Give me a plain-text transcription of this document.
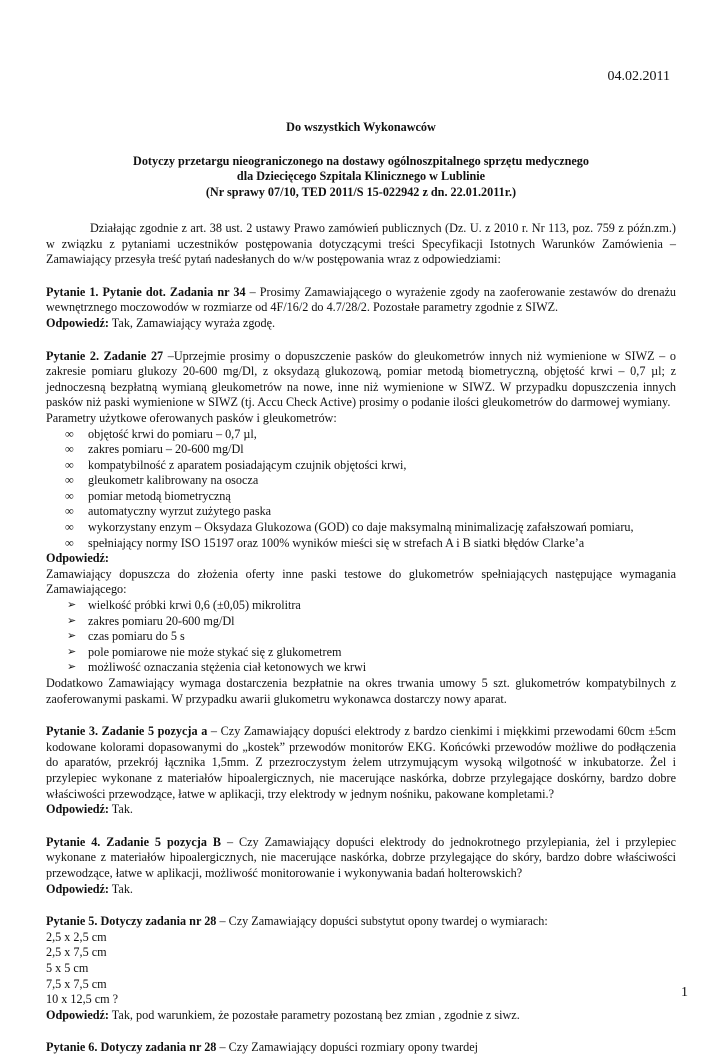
04.02.2011
Do wszystkich Wykonawców
Dotyczy przetargu nieograniczonego na dostawy ogólnoszpitalnego sprzętu medycznego
dla Dziecięcego Szpitala Klinicznego w Lublinie
(Nr sprawy 07/10, TED 2011/S 15-022942 z dn. 22.01.2011r.)

Działając zgodnie z art. 38 ust. 2 ustawy Prawo zamówień publicznych (Dz. U. z 2010 r. Nr 113, poz. 759 z późn.zm.) w związku z pytaniami uczestników postępowania dotyczącymi treści Specyfikacji Istotnych Warunków Zamówienia – Zamawiający przesyła treść pytań nadesłanych do w/w postępowania wraz z odpowiedziami:

Pytanie 1. Pytanie dot. Zadania nr 34 – Prosimy Zamawiającego o wyrażenie zgody na zaoferowanie zestawów do drenażu wewnętrznego moczowodów w rozmiarze od 4F/16/2 do 4.7/28/2. Pozostałe parametry zgodnie z SIWZ.

Odpowiedź: Tak, Zamawiający wyraża zgodę.

Pytanie 2. Zadanie 27 –Uprzejmie prosimy o dopuszczenie pasków do gleukometrów innych niż wymienione w SIWZ – o zakresie pomiaru glukozy 20-600 mg/Dl, z oksydazą glukozową, pomiar metodą biometryczną, objętość krwi – 0,7 µl; z jednoczesną bezpłatną wymianą gleukometrów na nowe, inne niż wymienione w SIWZ. W przypadku dopuszczenia innych pasków niż paski wymienione w SIWZ (tj. Accu Check Active) prosimy o podanie ilości gleukometrów do darmowej wymiany.

Parametry użytkowe oferowanych pasków i gleukometrów:

∞ objętość krwi do pomiaru – 0,7 µl,
∞ zakres pomiaru – 20-600 mg/Dl
∞ kompatybilność z aparatem posiadającym czujnik objętości krwi,
∞ gleukometr kalibrowany na osocza
∞ pomiar metodą biometryczną
∞ automatyczny wyrzut zużytego paska
∞ wykorzystany enzym – Oksydaza Glukozowa (GOD) co daje maksymalną minimalizację zafałszowań pomiaru,
∞ spełniający normy ISO 15197 oraz 100% wyników mieści się w strefach A i B siatki błędów Clarke’a

Odpowiedź:

Zamawiający dopuszcza do złożenia oferty inne paski testowe do glukometrów spełniających następujące wymagania Zamawiającego:

➢ wielkość próbki krwi 0,6 (±0,05) mikrolitra
➢ zakres pomiaru 20-600 mg/Dl
➢ czas pomiaru do 5 s
➢ pole pomiarowe nie może stykać się z glukometrem
➢ możliwość oznaczania stężenia ciał ketonowych we krwi

Dodatkowo Zamawiający wymaga dostarczenia bezpłatnie na okres trwania umowy 5 szt. glukometrów kompatybilnych z zaoferowanymi paskami. W przypadku awarii glukometru wykonawca dostarczy nowy aparat.

Pytanie 3. Zadanie 5 pozycja a – Czy Zamawiający dopuści elektrody z bardzo cienkimi i miękkimi przewodami 60cm ±5cm kodowane kolorami dopasowanymi do „kostek” przewodów monitorów EKG. Końcówki przewodów możliwe do podłączenia do aparatów, przekrój łącznika 1,5mm. Z przezroczystym żelem utrzymującym wysoką wilgotność w inkubatorze. Żel i przylepiec wykonane z materiałów hipoalergicznych, nie macerujące naskórka, dobrze przylegające doskórny, bardzo dobre właściwości przewodzące, łatwe w aplikacji, trzy elektrody w jednym nośniku, pakowane kompletami.?

Odpowiedź: Tak.

Pytanie 4. Zadanie 5 pozycja B – Czy Zamawiający dopuści elektrody do jednokrotnego przylepiania, żel i przylepiec wykonane z materiałów hipoalergicznych, nie macerujące naskórka, dobrze przylegające do skóry, bardzo dobre właściwości przewodzące, łatwe w aplikacji, możliwość monitorowanie i wykonywania badań holterowskich?

Odpowiedź: Tak.

Pytanie 5. Dotyczy zadania nr 28 – Czy Zamawiający dopuści substytut opony twardej o wymiarach:

2,5 x 2,5 cm

2,5 x 7,5 cm

5 x 5 cm

7,5 x 7,5 cm

10 x 12,5 cm ?

Odpowiedź: Tak, pod warunkiem, że pozostałe parametry pozostaną bez zmian , zgodnie z siwz.

Pytanie 6. Dotyczy zadania nr 28 – Czy Zamawiający dopuści rozmiary opony twardej

1
